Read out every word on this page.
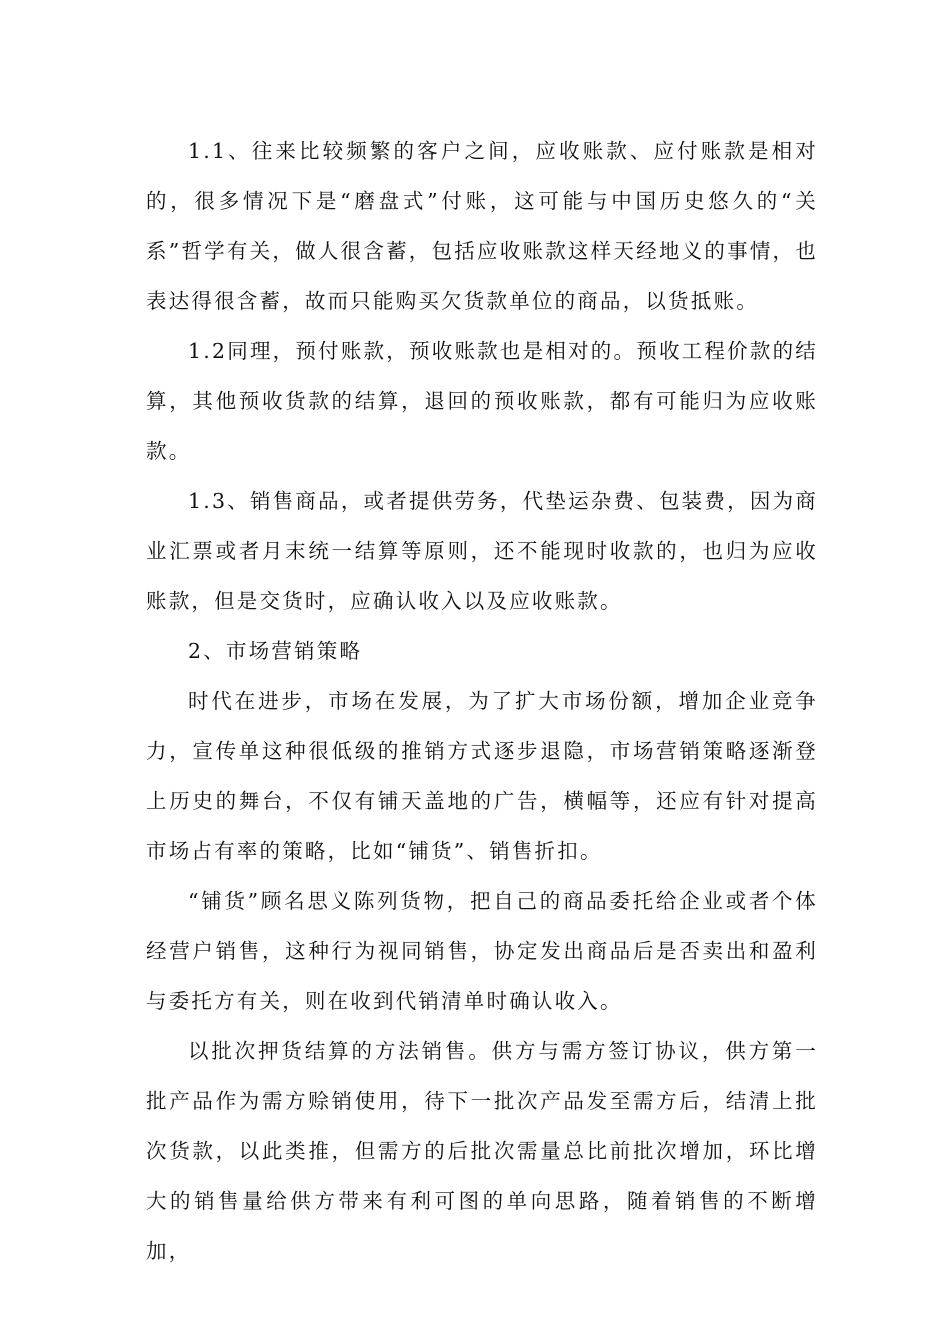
1.1、往来比较频繁的客户之间，应收账款、应付账款是相对的，很多情况下是“磨盘式”付账，这可能与中国历史悠久的“关系”哲学有关，做人很含蓄，包括应收账款这样天经地义的事情，也表达得很含蓄，故而只能购买欠货款单位的商品，以货抵账。

1.2同理，预付账款，预收账款也是相对的。预收工程价款的结算，其他预收货款的结算，退回的预收账款，都有可能归为应收账款。

1.3、销售商品，或者提供劳务，代垫运杂费、包装费，因为商业汇票或者月末统一结算等原则，还不能现时收款的，也归为应收账款，但是交货时，应确认收入以及应收账款。

2、市场营销策略

时代在进步，市场在发展，为了扩大市场份额，增加企业竞争力，宣传单这种很低级的推销方式逐步退隐，市场营销策略逐渐登上历史的舞台，不仅有铺天盖地的广告，横幅等，还应有针对提高市场占有率的策略，比如“铺货”、销售折扣。

“铺货”顾名思义陈列货物，把自己的商品委托给企业或者个体经营户销售，这种行为视同销售，协定发出商品后是否卖出和盈利与委托方有关，则在收到代销清单时确认收入。

以批次押货结算的方法销售。供方与需方签订协议，供方第一批产品作为需方赊销使用，待下一批次产品发至需方后，结清上批次货款，以此类推，但需方的后批次需量总比前批次增加，环比增大的销售量给供方带来有利可图的单向思路，随着销售的不断增加，
